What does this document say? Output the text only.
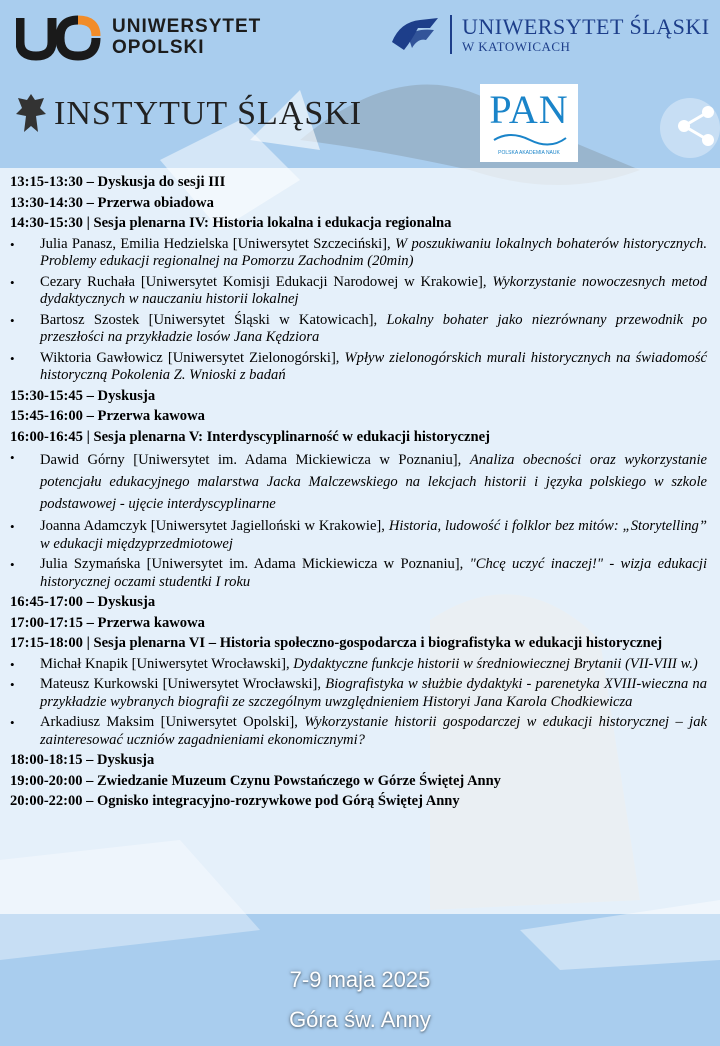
UNIWERSYTET
OPOLSKI
UNIWERSYTET ŚLĄSKI
W KATOWICACH
INSTYTUT ŚLĄSKI	PAN
POLSKA AKADEMIA NAUK
13:15-13:30 – Dyskusja do sesji III
13:30-14:30 – Przerwa obiadowa
14:30-15:30 | Sesja plenarna IV: Historia lokalna i edukacja regionalna
•	Julia Panasz, Emilia Hedzielska [Uniwersytet Szczeciński], W poszukiwaniu lokalnych bohaterów historycznych. Problemy edukacji regionalnej na Pomorzu Zachodnim (20min)
•	Cezary Ruchała [Uniwersytet Komisji Edukacji Narodowej w Krakowie], Wykorzystanie nowoczesnych metod dydaktycznych w nauczaniu historii lokalnej
•	Bartosz Szostek [Uniwersytet Śląski w Katowicach], Lokalny bohater jako niezrównany przewodnik po przeszłości na przykładzie losów Jana Kędziora
•	Wiktoria Gawłowicz [Uniwersytet Zielonogórski], Wpływ zielonogórskich murali historycznych na świadomość historyczną Pokolenia Z. Wnioski z badań
15:30-15:45 – Dyskusja
15:45-16:00 – Przerwa kawowa
16:00-16:45 | Sesja plenarna V: Interdyscyplinarność w edukacji historycznej
•	Dawid Górny [Uniwersytet im. Adama Mickiewicza w Poznaniu], Analiza obecności oraz wykorzystanie potencjału edukacyjnego malarstwa Jacka Malczewskiego na lekcjach historii i języka polskiego w szkole podstawowej - ujęcie interdyscyplinarne
•	Joanna Adamczyk [Uniwersytet Jagielloński w Krakowie], Historia, ludowość i folklor bez mitów: „Storytelling” w edukacji międzyprzedmiotowej
•	Julia Szymańska [Uniwersytet im. Adama Mickiewicza w Poznaniu], "Chcę uczyć inaczej!" - wizja edukacji historycznej oczami studentki I roku
16:45-17:00 – Dyskusja
17:00-17:15 – Przerwa kawowa
17:15-18:00 | Sesja plenarna VI – Historia społeczno-gospodarcza i biografistyka w edukacji historycznej
•	Michał Knapik [Uniwersytet Wrocławski], Dydaktyczne funkcje historii w średniowiecznej Brytanii (VII-VIII w.)
•	Mateusz Kurkowski [Uniwersytet Wrocławski], Biografistyka w służbie dydaktyki - parenetyka XVIII-wieczna na przykładzie wybranych biografii ze szczególnym uwzględnieniem Historyi Jana Karola Chodkiewicza
•	Arkadiusz Maksim [Uniwersytet Opolski], Wykorzystanie historii gospodarczej w edukacji historycznej – jak zainteresować uczniów zagadnieniami ekonomicznymi?
18:00-18:15 – Dyskusja
19:00-20:00 – Zwiedzanie Muzeum Czynu Powstańczego w Górze Świętej Anny
20:00-22:00 – Ognisko integracyjno-rozrywkowe pod Górą Świętej Anny
7-9 maja 2025
Góra św. Anny
